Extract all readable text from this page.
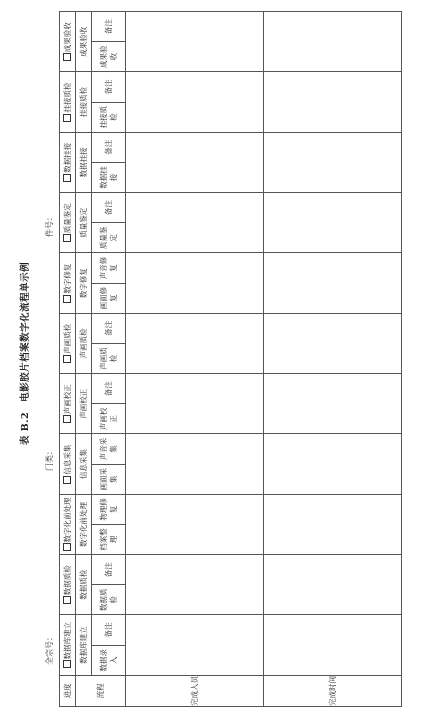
表 B.2　电影胶片档案数字化流程单示例
全宗号：
门类：
件号：
进度	数据库建立		数据质检		数字化前处理		信息采集		声画校正		声画质检		数字修复		质量鉴定		数据挂接		挂接质检		成果验收	
流程	数据库建立		数据质检		数字化前处理		信息采集		声画校正		声画质检		数字修复		质量鉴定		数据挂接		挂接质检		成果验收	
	数据录入	备注	数据质检	备注	档案整理	物理修复	画面采集	声音采集	声画校正	备注	声画质检	备注	画面修复	声音修复	质量鉴定	备注	数据挂接	备注	挂接质检	备注	成果验收	备注
完成人员																						
完成时间																						
